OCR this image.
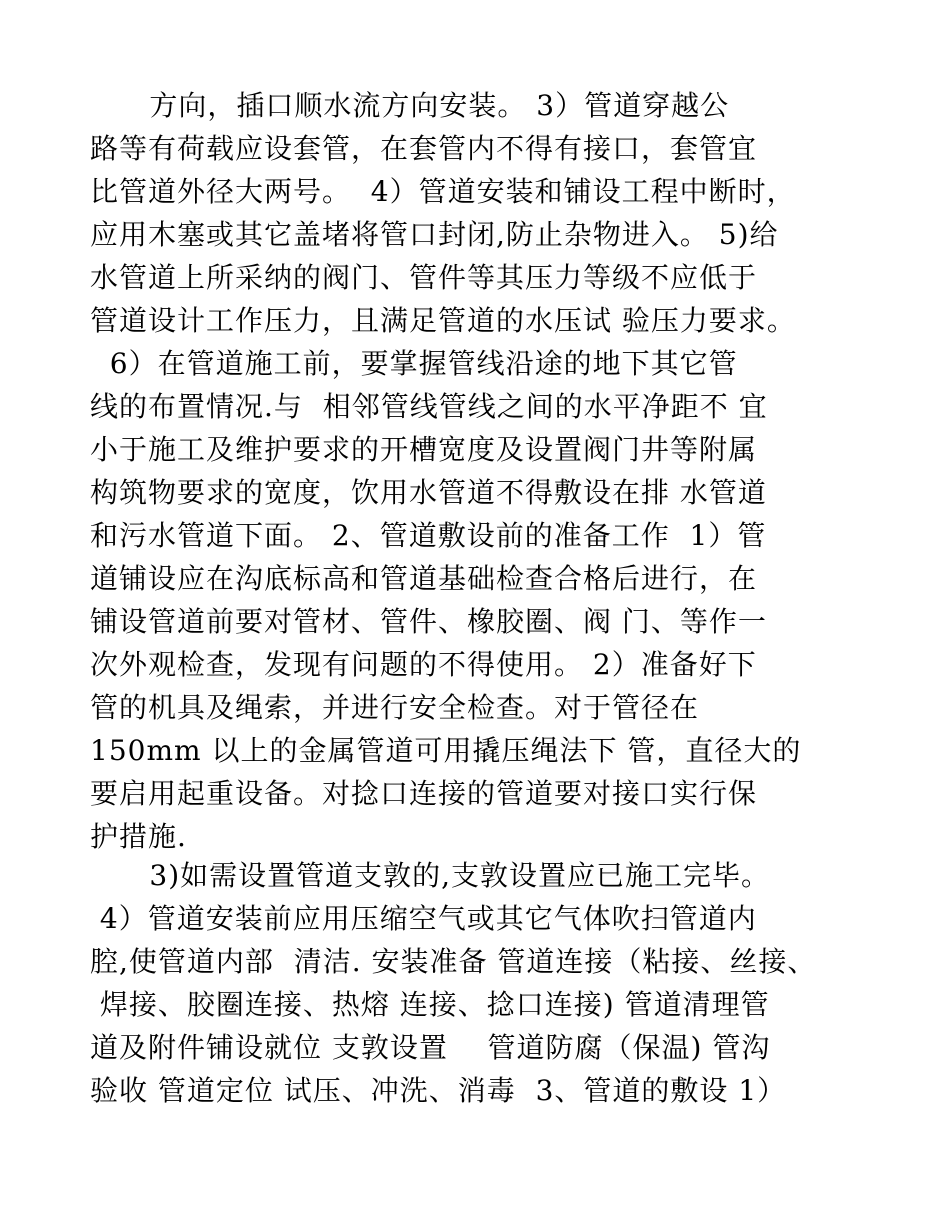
方向，插口顺水流方向安装。 3）管道穿越公
路等有荷载应设套管，在套管内不得有接口，套管宜
比管道外径大两号。  4）管道安装和铺设工程中断时，
应用木塞或其它盖堵将管口封闭,防止杂物进入。 5)给
水管道上所采纳的阀门、管件等其压力等级不应低于
管道设计工作压力，且满足管道的水压试 验压力要求。
6）在管道施工前，要掌握管线沿途的地下其它管
线的布置情况.与  相邻管线管线之间的水平净距不 宜
小于施工及维护要求的开槽宽度及设置阀门井等附属
构筑物要求的宽度，饮用水管道不得敷设在排 水管道
和污水管道下面。 2、管道敷设前的准备工作  1）管
道铺设应在沟底标高和管道基础检查合格后进行，在
铺设管道前要对管材、管件、橡胶圈、阀 门、等作一
次外观检查，发现有问题的不得使用。 2）准备好下
管的机具及绳索，并进行安全检查。对于管径在
150mm 以上的金属管道可用撬压绳法下 管，直径大的
要启用起重设备。对捻口连接的管道要对接口实行保
护措施.
3)如需设置管道支敦的,支敦设置应已施工完毕。
4）管道安装前应用压缩空气或其它气体吹扫管道内
腔,使管道内部  清洁. 安装准备 管道连接（粘接、丝接、
焊接、胶圈连接、热熔 连接、捻口连接) 管道清理管
道及附件铺设就位 支敦设置    管道防腐（保温) 管沟
验收 管道定位 试压、冲洗、消毒  3、管道的敷设 1）
